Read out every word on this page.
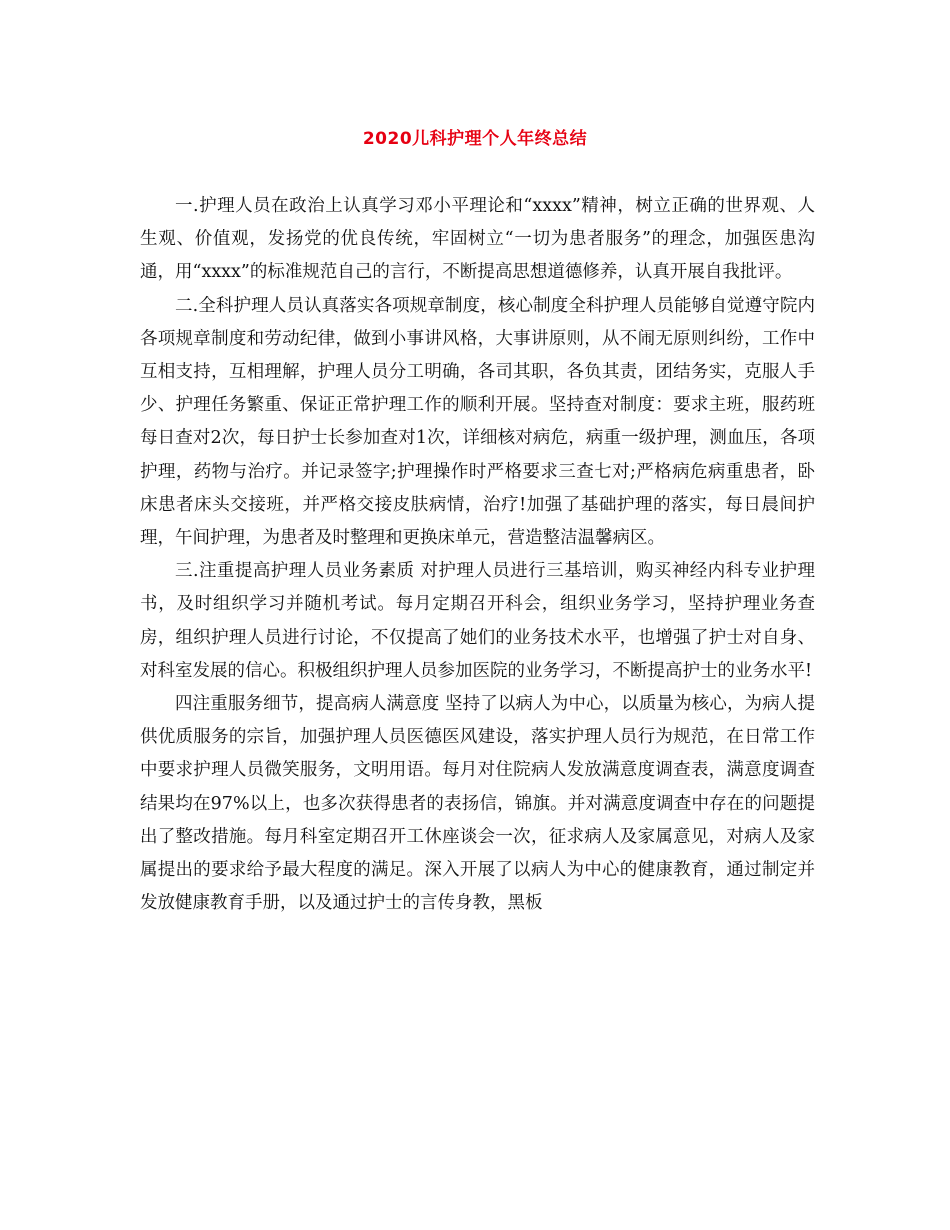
2020儿科护理个人年终总结

一.护理人员在政治上认真学习邓小平理论和“xxxx”精神，树立正确的世界观、人生观、价值观，发扬党的优良传统，牢固树立“一切为患者服务”的理念，加强医患沟通，用“xxxx”的标准规范自己的言行，不断提高思想道德修养，认真开展自我批评。

二.全科护理人员认真落实各项规章制度，核心制度全科护理人员能够自觉遵守院内各项规章制度和劳动纪律，做到小事讲风格，大事讲原则，从不闹无原则纠纷，工作中互相支持，互相理解，护理人员分工明确，各司其职，各负其责，团结务实，克服人手少、护理任务繁重、保证正常护理工作的顺利开展。坚持查对制度：要求主班，服药班每日查对2次，每日护士长参加查对1次，详细核对病危，病重一级护理，测血压，各项护理，药物与治疗。并记录签字;护理操作时严格要求三查七对;严格病危病重患者，卧床患者床头交接班，并严格交接皮肤病情，治疗!加强了基础护理的落实，每日晨间护理，午间护理，为患者及时整理和更换床单元，营造整洁温馨病区。

三.注重提高护理人员业务素质 对护理人员进行三基培训，购买神经内科专业护理书，及时组织学习并随机考试。每月定期召开科会，组织业务学习，坚持护理业务查房，组织护理人员进行讨论，不仅提高了她们的业务技术水平，也增强了护士对自身、对科室发展的信心。积极组织护理人员参加医院的业务学习，不断提高护士的业务水平!

四注重服务细节，提高病人满意度 坚持了以病人为中心，以质量为核心，为病人提供优质服务的宗旨，加强护理人员医德医风建设，落实护理人员行为规范，在日常工作中要求护理人员微笑服务，文明用语。每月对住院病人发放满意度调查表，满意度调查结果均在97%以上，也多次获得患者的表扬信，锦旗。并对满意度调查中存在的问题提出了整改措施。每月科室定期召开工休座谈会一次，征求病人及家属意见，对病人及家属提出的要求给予最大程度的满足。深入开展了以病人为中心的健康教育，通过制定并发放健康教育手册，以及通过护士的言传身教，黑板
